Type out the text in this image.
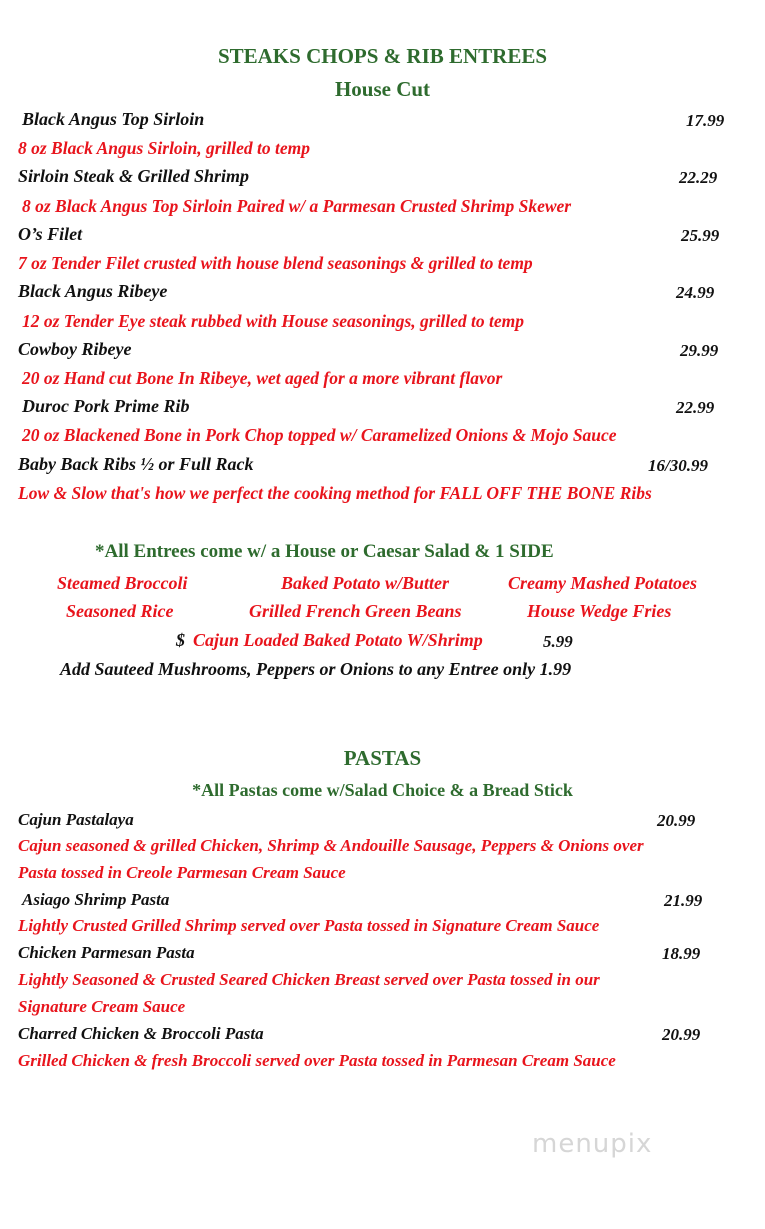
STEAKS CHOPS & RIB ENTREES
House Cut
Black Angus Top Sirloin	17.99
8 oz Black Angus Sirloin, grilled to temp
Sirloin Steak & Grilled Shrimp	22.29
8 oz Black Angus Top Sirloin Paired w/ a Parmesan Crusted Shrimp Skewer
O’s Filet	25.99
7 oz Tender Filet crusted with house blend seasonings & grilled to temp
Black Angus Ribeye	24.99
12 oz Tender Eye steak rubbed with House seasonings, grilled to temp
Cowboy Ribeye	29.99
20 oz Hand cut Bone In Ribeye, wet aged for a more vibrant flavor
Duroc Pork Prime Rib	22.99
20 oz Blackened Bone in Pork Chop topped w/ Caramelized Onions & Mojo Sauce
Baby Back Ribs ½ or Full Rack	16/30.99
Low & Slow that's how we perfect the cooking method for FALL OFF THE BONE Ribs
*All Entrees come w/ a House or Caesar Salad & 1 SIDE
Steamed Broccoli	Baked Potato w/Butter	Creamy Mashed Potatoes
Seasoned Rice	Grilled French Green Beans	House Wedge Fries
$ Cajun Loaded Baked Potato W/Shrimp	5.99
Add Sauteed Mushrooms, Peppers or Onions to any Entree only 1.99
PASTAS
*All Pastas come w/Salad Choice & a Bread Stick
Cajun Pastalaya	20.99
Cajun seasoned & grilled Chicken, Shrimp & Andouille Sausage, Peppers & Onions over
Pasta tossed in Creole Parmesan Cream Sauce
Asiago Shrimp Pasta	21.99
Lightly Crusted Grilled Shrimp served over Pasta tossed in Signature Cream Sauce
Chicken Parmesan Pasta	18.99
Lightly Seasoned & Crusted Seared Chicken Breast served over Pasta tossed in our
Signature Cream Sauce
Charred Chicken & Broccoli Pasta	20.99
Grilled Chicken & fresh Broccoli served over Pasta tossed in Parmesan Cream Sauce
menupix
